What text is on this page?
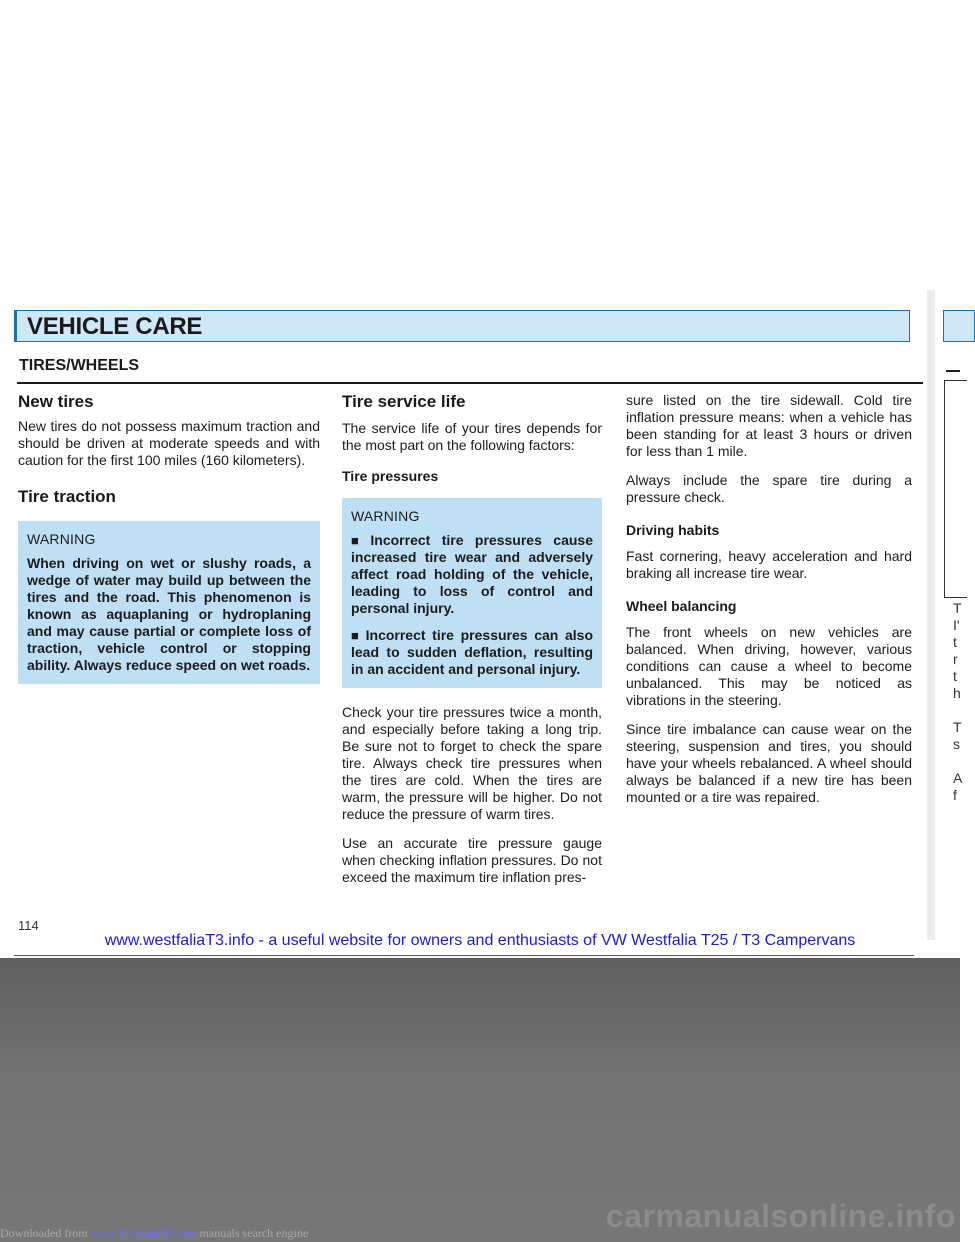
VEHICLE CARE
T
I'
t
r
t
h

T
s

A
f
TIRES/WHEELS
New tires

New tires do not possess maximum traction and should be driven at moderate speeds and with caution for the first 100 miles (160 kilometers).

Tire traction
WARNING
When driving on wet or slushy roads, a wedge of water may build up between the tires and the road. This phenomenon is known as aquaplaning or hydroplaning and may cause partial or complete loss of traction, vehicle control or stopping ability. Always reduce speed on wet roads.
Tire service life

The service life of your tires depends for the most part on the following factors:

Tire pressures
WARNING
■ Incorrect tire pressures cause increased tire wear and adversely affect road holding of the vehicle, leading to loss of control and personal injury.
■ Incorrect tire pressures can also lead to sudden deflation, resulting in an accident and personal injury.

Check your tire pressures twice a month, and especially before taking a long trip. Be sure not to forget to check the spare tire. Always check tire pressures when the tires are cold. When the tires are warm, the pressure will be higher. Do not reduce the pressure of warm tires.

Use an accurate tire pressure gauge when checking inflation pressures. Do not exceed the maximum tire inflation pres-

sure listed on the tire sidewall. Cold tire inflation pressure means: when a vehicle has been standing for at least 3 hours or driven for less than 1 mile.

Always include the spare tire during a pressure check.

Driving habits

Fast cornering, heavy acceleration and hard braking all increase tire wear.

Wheel balancing

The front wheels on new vehicles are balanced. When driving, however, various conditions can cause a wheel to become unbalanced. This may be noticed as vibrations in the steering.

Since tire imbalance can cause wear on the steering, suspension and tires, you should have your wheels rebalanced. A wheel should always be balanced if a new tire has been mounted or a tire was repaired.

114
www.westfaliaT3.info - a useful website for owners and enthusiasts of VW Westfalia T25 / T3 Campervans
carmanualsonline.info
Downloaded from www.Manualslib.com manuals search engine
